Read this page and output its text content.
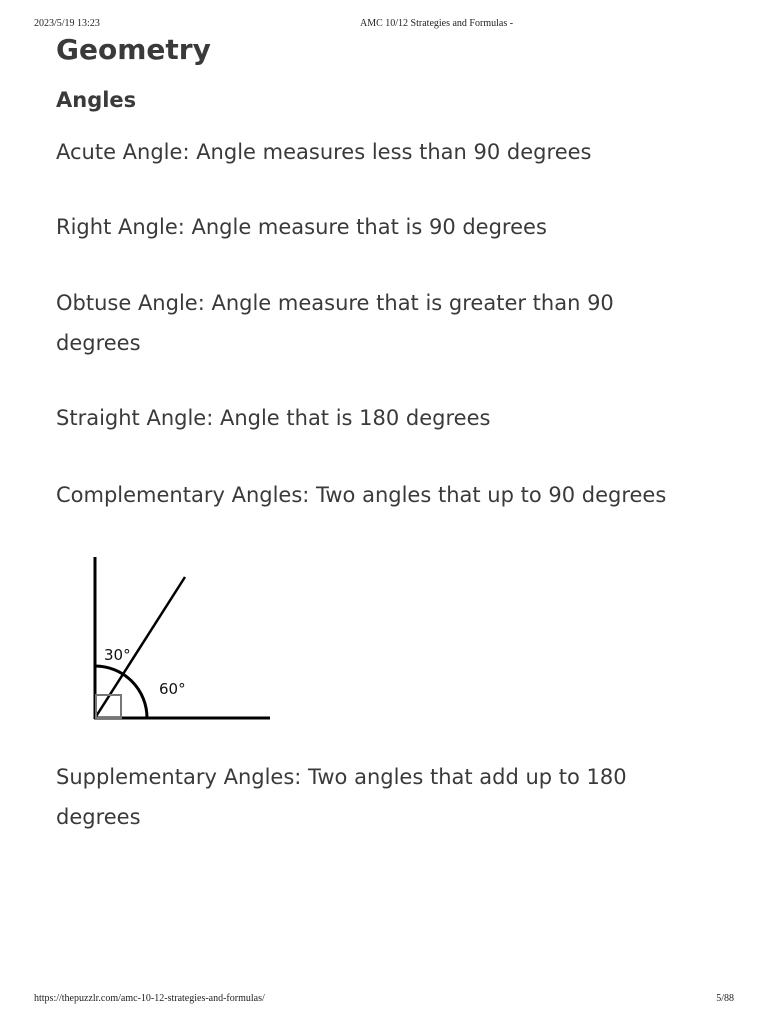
2023/5/19 13:23	AMC 10/12 Strategies and Formulas -
Geometry
Angles

Acute Angle: Angle measures less than 90 degrees

Right Angle: Angle measure that is 90 degrees

Obtuse Angle: Angle measure that is greater than 90 degrees

Straight Angle: Angle that is 180 degrees

Complementary Angles: Two angles that up to 90 degrees

Supplementary Angles: Two angles that add up to 180 degrees

30°
60°
https://thepuzzlr.com/amc-10-12-strategies-and-formulas/	5/88
